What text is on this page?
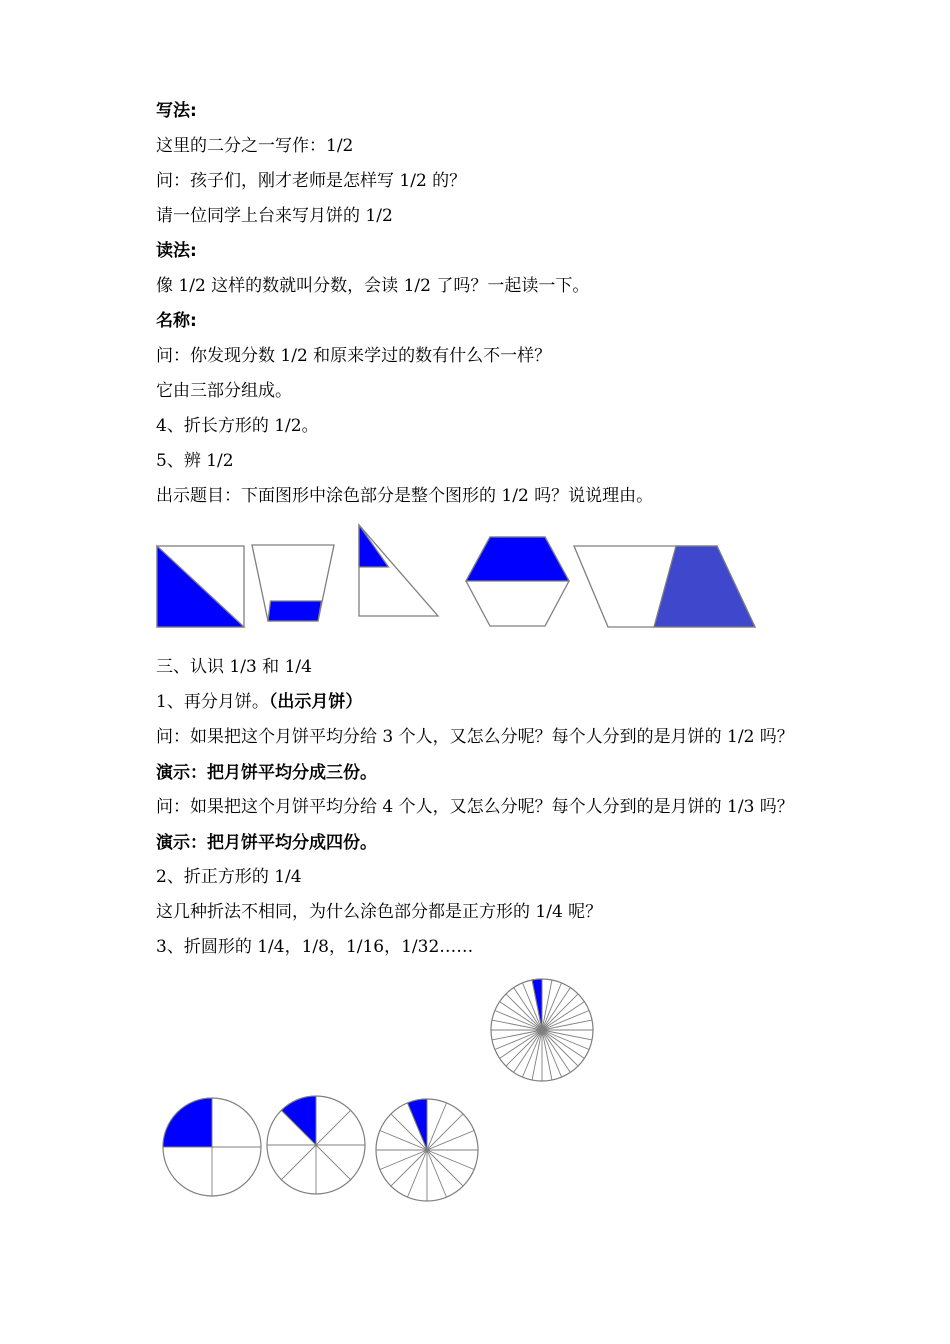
写法:
这里的二分之一写作：1/2
问：孩子们，刚才老师是怎样写 1/2 的？
请一位同学上台来写月饼的 1/2
读法:
像 1/2 这样的数就叫分数，会读 1/2 了吗？一起读一下。
名称:
问：你发现分数 1/2 和原来学过的数有什么不一样？
它由三部分组成。
4、折长方形的 1/2。
5、辨 1/2
出示题目：下面图形中涂色部分是整个图形的 1/2 吗？说说理由。
三、认识 1/3 和 1/4
1、再分月饼。（出示月饼）
问：如果把这个月饼平均分给 3 个人，又怎么分呢？每个人分到的是月饼的 1/2 吗？
演示：把月饼平均分成三份。
问：如果把这个月饼平均分给 4 个人，又怎么分呢？每个人分到的是月饼的 1/3 吗？
演示：把月饼平均分成四份。
2、折正方形的 1/4
这几种折法不相同，为什么涂色部分都是正方形的 1/4 呢？
3、折圆形的 1/4，1/8，1/16，1/32……
